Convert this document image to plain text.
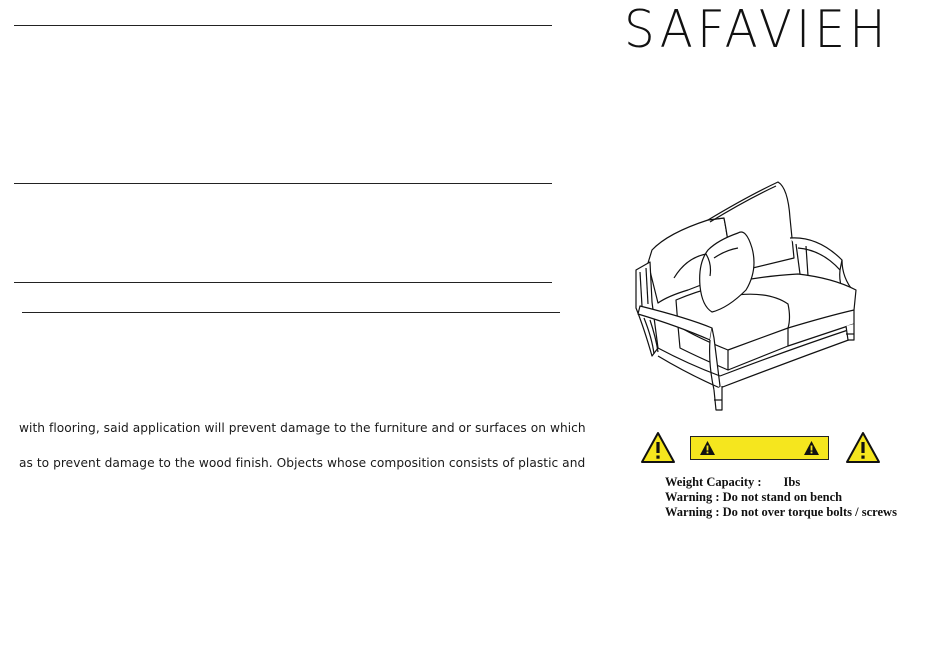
with flooring, said application will prevent damage to the furniture and or surfaces on which
as to prevent damage to the wood finish. Objects whose composition consists of plastic and
SAFAVIEH
Weight Capacity : Ibs
Warning : Do not stand on bench
Warning : Do not over torque bolts / screws
